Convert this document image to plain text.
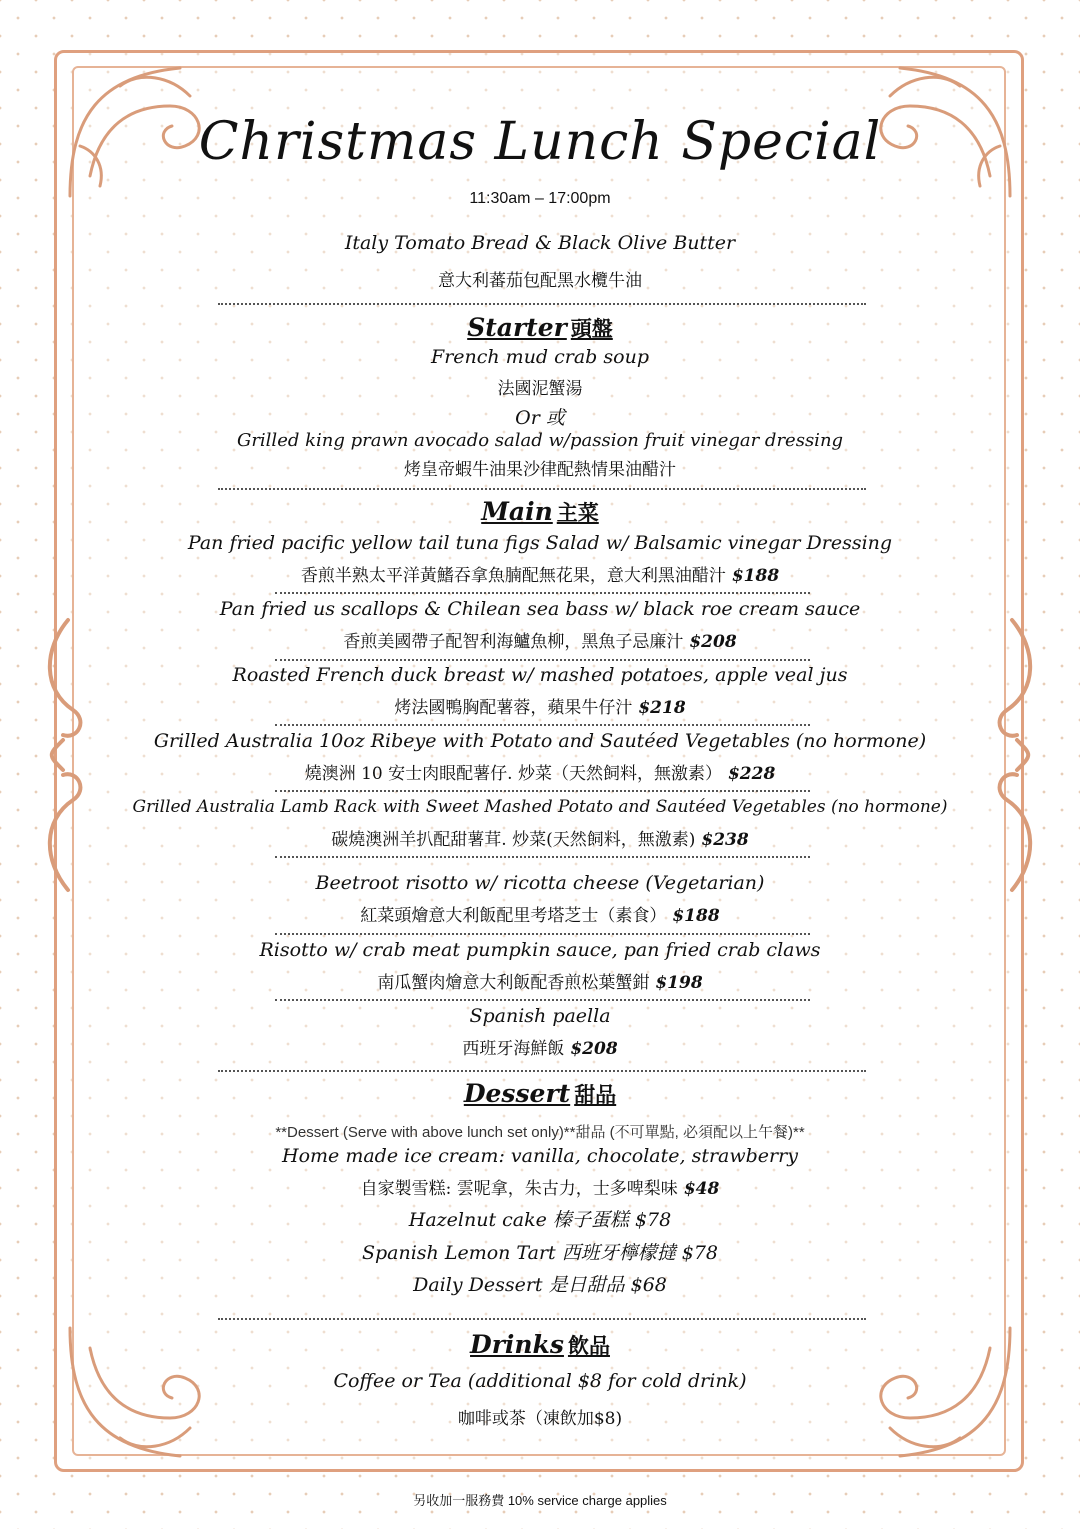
Christmas Lunch Special
11:30am – 17:00pm
Italy Tomato Bread & Black Olive Butter
意大利蕃茄包配黑水欖牛油
Starter 頭盤
French mud crab soup
法國泥蟹湯
Or 或
Grilled king prawn avocado salad w/passion fruit vinegar dressing
烤皇帝蝦牛油果沙律配熱情果油醋汁
Main 主菜
Pan fried pacific yellow tail tuna figs Salad w/ Balsamic vinegar Dressing
香煎半熟太平洋黃鰭吞拿魚腩配無花果，意大利黑油醋汁 $188
Pan fried us scallops & Chilean sea bass w/ black roe cream sauce
香煎美國帶子配智利海鱸魚柳，黑魚子忌廉汁 $208
Roasted French duck breast w/ mashed potatoes, apple veal jus
烤法國鴨胸配薯蓉，蘋果牛仔汁 $218
Grilled Australia 10oz Ribeye with Potato and Sautéed Vegetables (no hormone)
燒澳洲 10 安士肉眼配薯仔. 炒菜（天然飼料，無激素） $228
Grilled Australia Lamb Rack with Sweet Mashed Potato and Sautéed Vegetables (no hormone)
碳燒澳洲羊扒配甜薯茸. 炒菜(天然飼料，無激素) $238
Beetroot risotto w/ ricotta cheese (Vegetarian)
紅菜頭燴意大利飯配里考塔芝士（素食） $188
Risotto w/ crab meat pumpkin sauce, pan fried crab claws
南瓜蟹肉燴意大利飯配香煎松葉蟹鉗 $198
Spanish paella
西班牙海鮮飯 $208
Dessert 甜品
**Dessert (Serve with above lunch set only)**甜品 (不可單點, 必須配以上午餐)**
Home made ice cream: vanilla, chocolate, strawberry
自家製雪糕: 雲呢拿，朱古力，士多啤梨味 $48
Hazelnut cake 榛子蛋糕 $78
Spanish Lemon Tart 西班牙檸檬撻 $78
Daily Dessert 是日甜品 $68
Drinks 飲品
Coffee or Tea (additional $8 for cold drink)
咖啡或茶（凍飲加$8)
另收加一服務費 10% service charge applies
